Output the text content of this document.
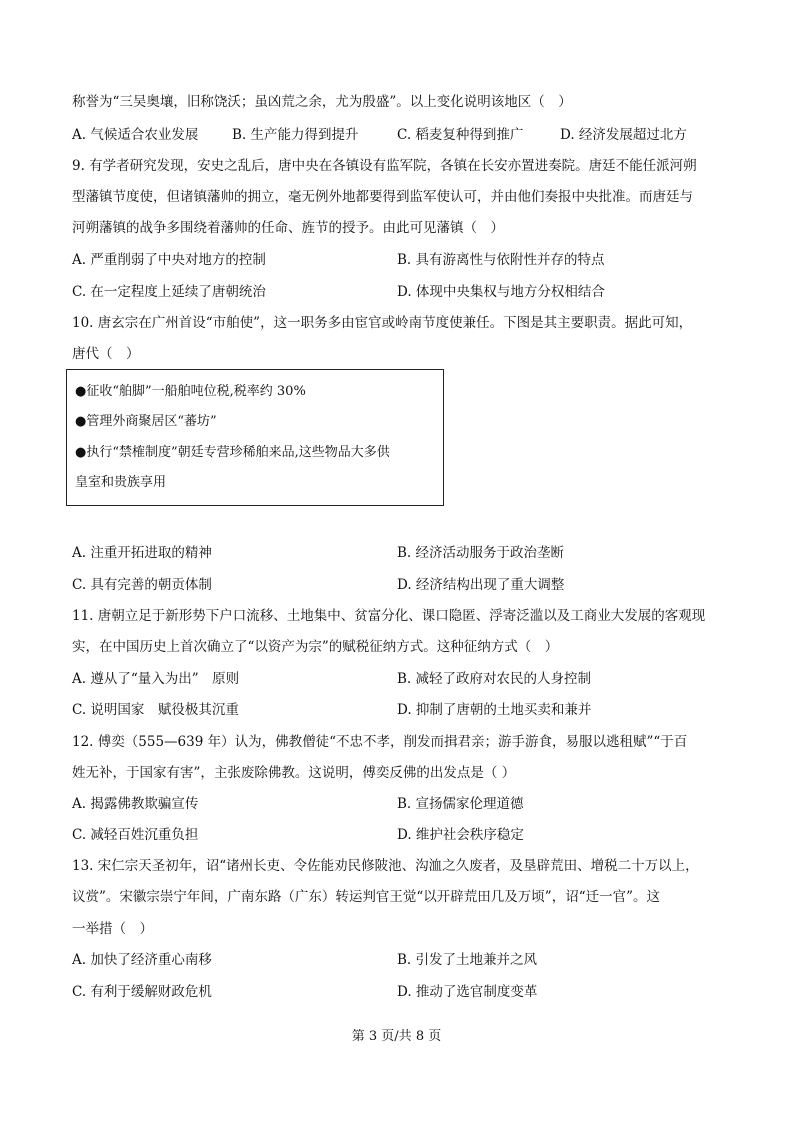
称誉为“三吴奥壤，旧称饶沃；虽凶荒之余，尤为殷盛”。以上变化说明该地区（　）
A. 气候适合农业发展 B. 生产能力得到提升	C. 稻麦复种得到推广	D. 经济发展超过北方
9. 有学者研究发现，安史之乱后，唐中央在各镇设有监军院，各镇在长安亦置进奏院。唐廷不能任派河朔
型藩镇节度使，但诸镇藩帅的拥立，毫无例外地都要得到监军使认可，并由他们奏报中央批准。而唐廷与
河朔藩镇的战争多围绕着藩帅的任命、旌节的授予。由此可见藩镇（　）
A. 严重削弱了中央对地方的控制	B. 具有游离性与依附性并存的特点
C. 在一定程度上延续了唐朝统治	D. 体现中央集权与地方分权相结合
10. 唐玄宗在广州首设“市舶使”，这一职务多由宦官或岭南节度使兼任。下图是其主要职责。据此可知，
唐代（　）
●征收“舶脚”一船舶吨位税,税率约 30%
●管理外商聚居区“蕃坊”
●执行“禁榷制度”朝廷专营珍稀舶来品,这些物品大多供
皇室和贵族享用
A. 注重开拓进取的精神	B. 经济活动服务于政治垄断
C. 具有完善的朝贡体制	D. 经济结构出现了重大调整
11. 唐朝立足于新形势下户口流移、土地集中、贫富分化、课口隐匿、浮寄泛滥以及工商业大发展的客观现
实，在中国历史上首次确立了“以资产为宗”的赋税征纳方式。这种征纳方式（　）
A. 遵从了“量入为出”　原则	B. 减轻了政府对农民的人身控制
C. 说明国家　赋役极其沉重	D. 抑制了唐朝的土地买卖和兼并
12. 傅奕（555—639 年）认为，佛教僧徒“不忠不孝，削发而揖君亲；游手游食，易服以逃租赋”“于百
姓无补，于国家有害”，主张废除佛教。这说明，傅奕反佛的出发点是（ ）
A. 揭露佛教欺骗宣传	B. 宣扬儒家伦理道德
C. 减轻百姓沉重负担	D. 维护社会秩序稳定
13. 宋仁宗天圣初年，诏“诸州长吏、令佐能劝民修陂池、沟洫之久废者，及垦辟荒田、增税二十万以上，
议赏”。宋徽宗崇宁年间，广南东路（广东）转运判官王觉“以开辟荒田几及万顷”，诏“迁一官”。这
一举措（　）
A. 加快了经济重心南移	B. 引发了土地兼并之风
C. 有利于缓解财政危机	D. 推动了选官制度变革
第 3 页/共 8 页
